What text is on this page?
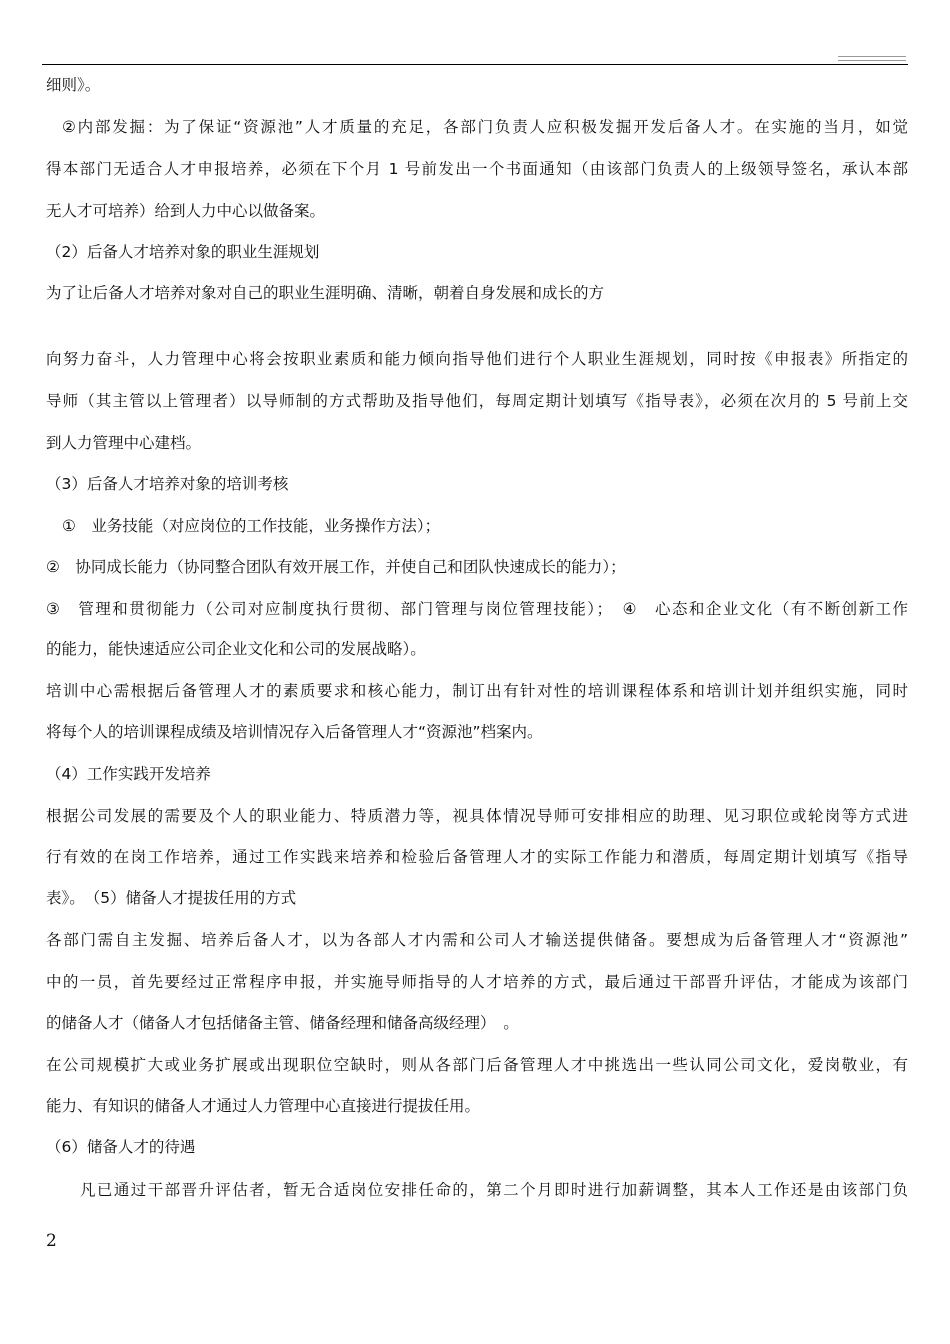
细则》。
②内部发掘：为了保证“资源池”人才质量的充足，各部门负责人应积极发掘开发后备人才。在实施的当月，如觉
得本部门无适合人才申报培养，必须在下个月 1 号前发出一个书面通知（由该部门负责人的上级领导签名，承认本部
无人才可培养）给到人力中心以做备案。
（2）后备人才培养对象的职业生涯规划
为了让后备人才培养对象对自己的职业生涯明确、清晰，朝着自身发展和成长的方
向努力奋斗，人力管理中心将会按职业素质和能力倾向指导他们进行个人职业生涯规划，同时按《申报表》所指定的
导师（其主管以上管理者）以导师制的方式帮助及指导他们，每周定期计划填写《指导表》，必须在次月的 5 号前上交
到人力管理中心建档。
（3）后备人才培养对象的培训考核
①　业务技能（对应岗位的工作技能，业务操作方法）；
②　协同成长能力（协同整合团队有效开展工作，并使自己和团队快速成长的能力）；
③　管理和贯彻能力（公司对应制度执行贯彻、部门管理与岗位管理技能）；　④　心态和企业文化（有不断创新工作
的能力，能快速适应公司企业文化和公司的发展战略）。
培训中心需根据后备管理人才的素质要求和核心能力，制订出有针对性的培训课程体系和培训计划并组织实施，同时
将每个人的培训课程成绩及培训情况存入后备管理人才“资源池”档案内。
（4）工作实践开发培养
根据公司发展的需要及个人的职业能力、特质潜力等，视具体情况导师可安排相应的助理、见习职位或轮岗等方式进
行有效的在岗工作培养，通过工作实践来培养和检验后备管理人才的实际工作能力和潜质，每周定期计划填写《指导
表》。　（5）储备人才提拔任用的方式
各部门需自主发掘、培养后备人才，以为各部人才内需和公司人才输送提供储备。要想成为后备管理人才“资源池”
中的一员，首先要经过正常程序申报，并实施导师指导的人才培养的方式，最后通过干部晋升评估，才能成为该部门
的储备人才（储备人才包括储备主管、储备经理和储备高级经理）　。
在公司规模扩大或业务扩展或出现职位空缺时，则从各部门后备管理人才中挑选出一些认同公司文化，爱岗敬业，有
能力、有知识的储备人才通过人力管理中心直接进行提拔任用。
（6）储备人才的待遇
凡已通过干部晋升评估者，暂无合适岗位安排任命的，第二个月即时进行加薪调整，其本人工作还是由该部门负
2
